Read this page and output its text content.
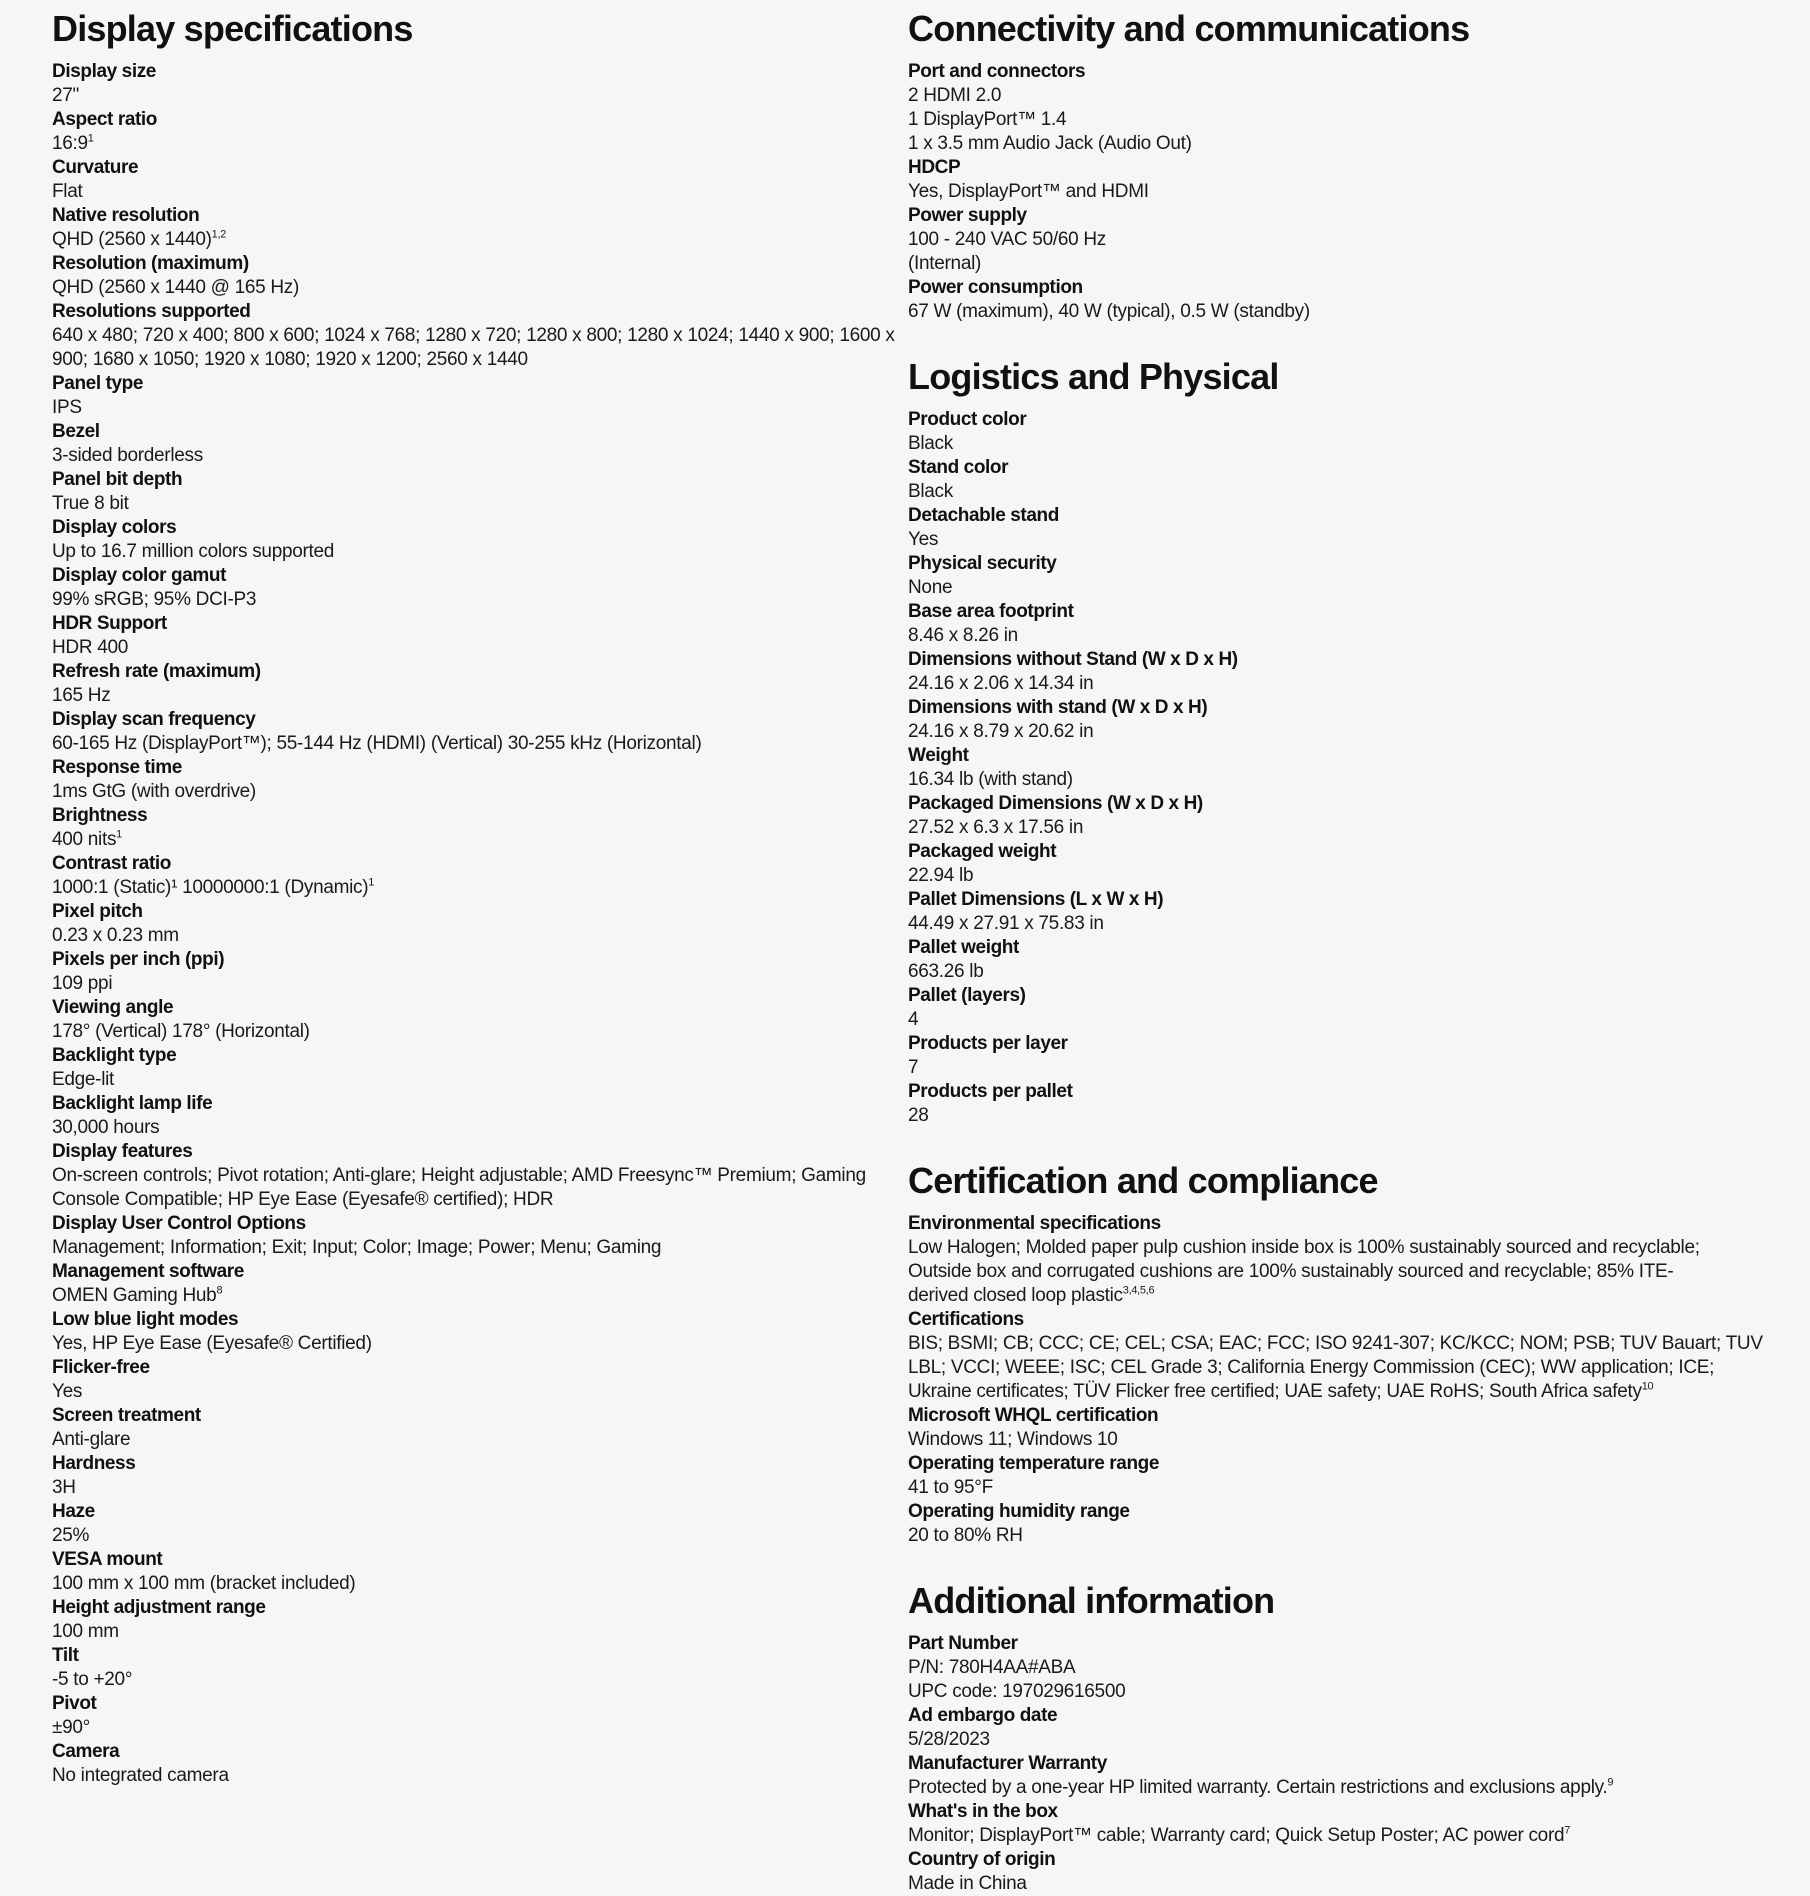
Display specifications
Display size
27"
Aspect ratio
$16:9^1$
Curvature
Flat
Native resolution
QHD (2560 x 1440)$^{1,2}$
Resolution (maximum)
QHD (2560 x 1440 @ 165 Hz)
Resolutions supported
640 x 480; 720 x 400; 800 x 600; 1024 x 768; 1280 x 720; 1280 x 800; 1280 x 1024; 1440 x 900; 1600 x
900; 1680 x 1050; 1920 x 1080; 1920 x 1200; 2560 x 1440
Panel type
IPS
Bezel
3-sided borderless
Panel bit depth
True 8 bit
Display colors
Up to 16.7 million colors supported
Display color gamut
99% sRGB; 95% DCI-P3
HDR Support
HDR 400
Refresh rate (maximum)
165 Hz
Display scan frequency
60-165 Hz (DisplayPort™); 55-144 Hz (HDMI) (Vertical) 30-255 kHz (Horizontal)
Response time
1ms GtG (with overdrive)
Brightness
400 nits$^1$
Contrast ratio
1000:1 (Static)¹ 10000000:1 (Dynamic)$^1$
Pixel pitch
0.23 x 0.23 mm
Pixels per inch (ppi)
109 ppi
Viewing angle
178° (Vertical) 178° (Horizontal)
Backlight type
Edge-lit
Backlight lamp life
30,000 hours
Display features
On-screen controls; Pivot rotation; Anti-glare; Height adjustable; AMD Freesync™ Premium; Gaming
Console Compatible; HP Eye Ease (Eyesafe® certified); HDR
Display User Control Options
Management; Information; Exit; Input; Color; Image; Power; Menu; Gaming
Management software
OMEN Gaming Hub$^8$
Low blue light modes
Yes, HP Eye Ease (Eyesafe® Certified)
Flicker-free
Yes
Screen treatment
Anti-glare
Hardness
3H
Haze
25%
VESA mount
100 mm x 100 mm (bracket included)
Height adjustment range
100 mm
Tilt
-5 to +20°
Pivot
±90°
Camera
No integrated camera
Connectivity and communications
Port and connectors
2 HDMI 2.0
1 DisplayPort™ 1.4
1 x 3.5 mm Audio Jack (Audio Out)
HDCP
Yes, DisplayPort™ and HDMI
Power supply
100 - 240 VAC 50/60 Hz
(Internal)
Power consumption
67 W (maximum), 40 W (typical), 0.5 W (standby)
Logistics and Physical
Product color
Black
Stand color
Black
Detachable stand
Yes
Physical security
None
Base area footprint
8.46 x 8.26 in
Dimensions without Stand (W x D x H)
24.16 x 2.06 x 14.34 in
Dimensions with stand (W x D x H)
24.16 x 8.79 x 20.62 in
Weight
16.34 lb (with stand)
Packaged Dimensions (W x D x H)
27.52 x 6.3 x 17.56 in
Packaged weight
22.94 lb
Pallet Dimensions (L x W x H)
44.49 x 27.91 x 75.83 in
Pallet weight
663.26 lb
Pallet (layers)
4
Products per layer
7
Products per pallet
28
Certification and compliance
Environmental specifications
Low Halogen; Molded paper pulp cushion inside box is 100% sustainably sourced and recyclable;
Outside box and corrugated cushions are 100% sustainably sourced and recyclable; 85% ITE-
derived closed loop plastic$^{3,4,5,6}$
Certifications
BIS; BSMI; CB; CCC; CE; CEL; CSA; EAC; FCC; ISO 9241-307; KC/KCC; NOM; PSB; TUV Bauart; TUV
LBL; VCCI; WEEE; ISC; CEL Grade 3; California Energy Commission (CEC); WW application; ICE;
Ukraine certificates; TÜV Flicker free certified; UAE safety; UAE RoHS; South Africa safety$^{10}$
Microsoft WHQL certification
Windows 11; Windows 10
Operating temperature range
41 to 95°F
Operating humidity range
20 to 80% RH
Additional information
Part Number
P/N: 780H4AA#ABA
UPC code: 197029616500
Ad embargo date
5/28/2023
Manufacturer Warranty
Protected by a one-year HP limited warranty. Certain restrictions and exclusions apply.$^9$
What's in the box
Monitor; DisplayPort™ cable; Warranty card; Quick Setup Poster; AC power cord$^7$
Country of origin
Made in China
